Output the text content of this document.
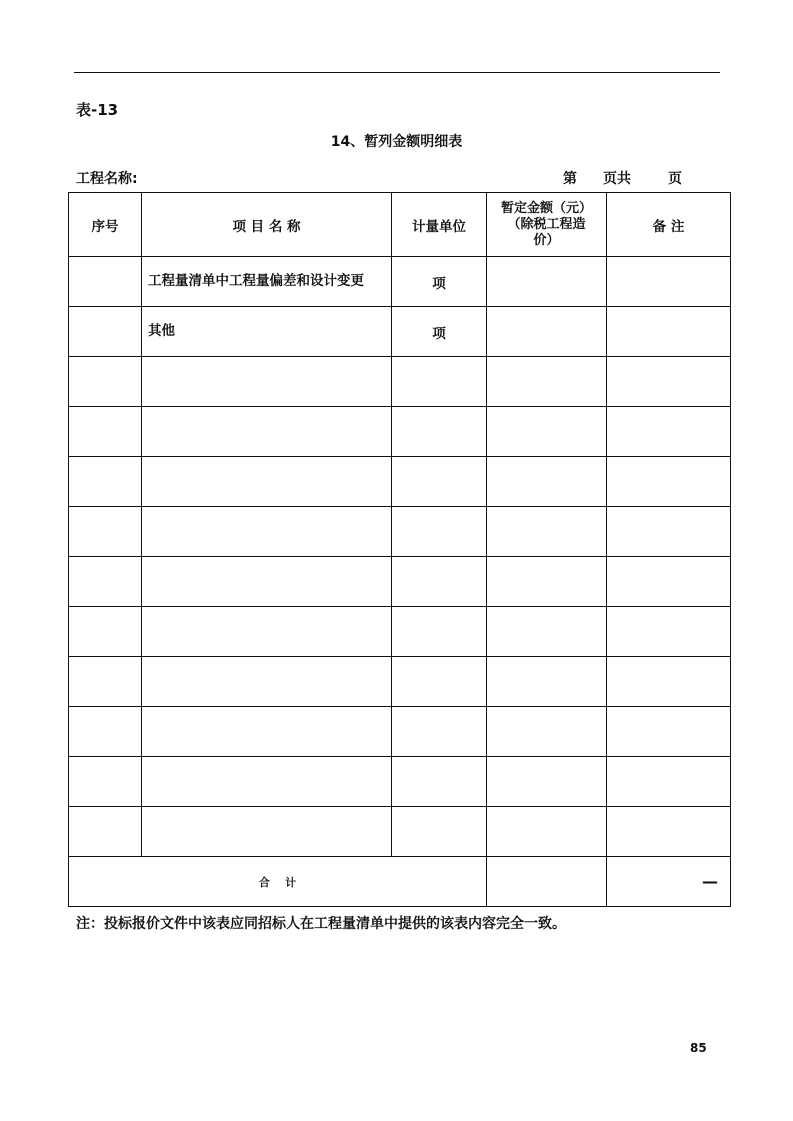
表-13
14、暂列金额明细表
工程名称:	第 页共	页
序号	项 目 名 称	计量单位	暂定金额（元）
（除税工程造
价）	备 注
	工程量清单中工程量偏差和设计变更	项		
	其他	项		

合    计				—
注：投标报价文件中该表应同招标人在工程量清单中提供的该表内容完全一致。
85
